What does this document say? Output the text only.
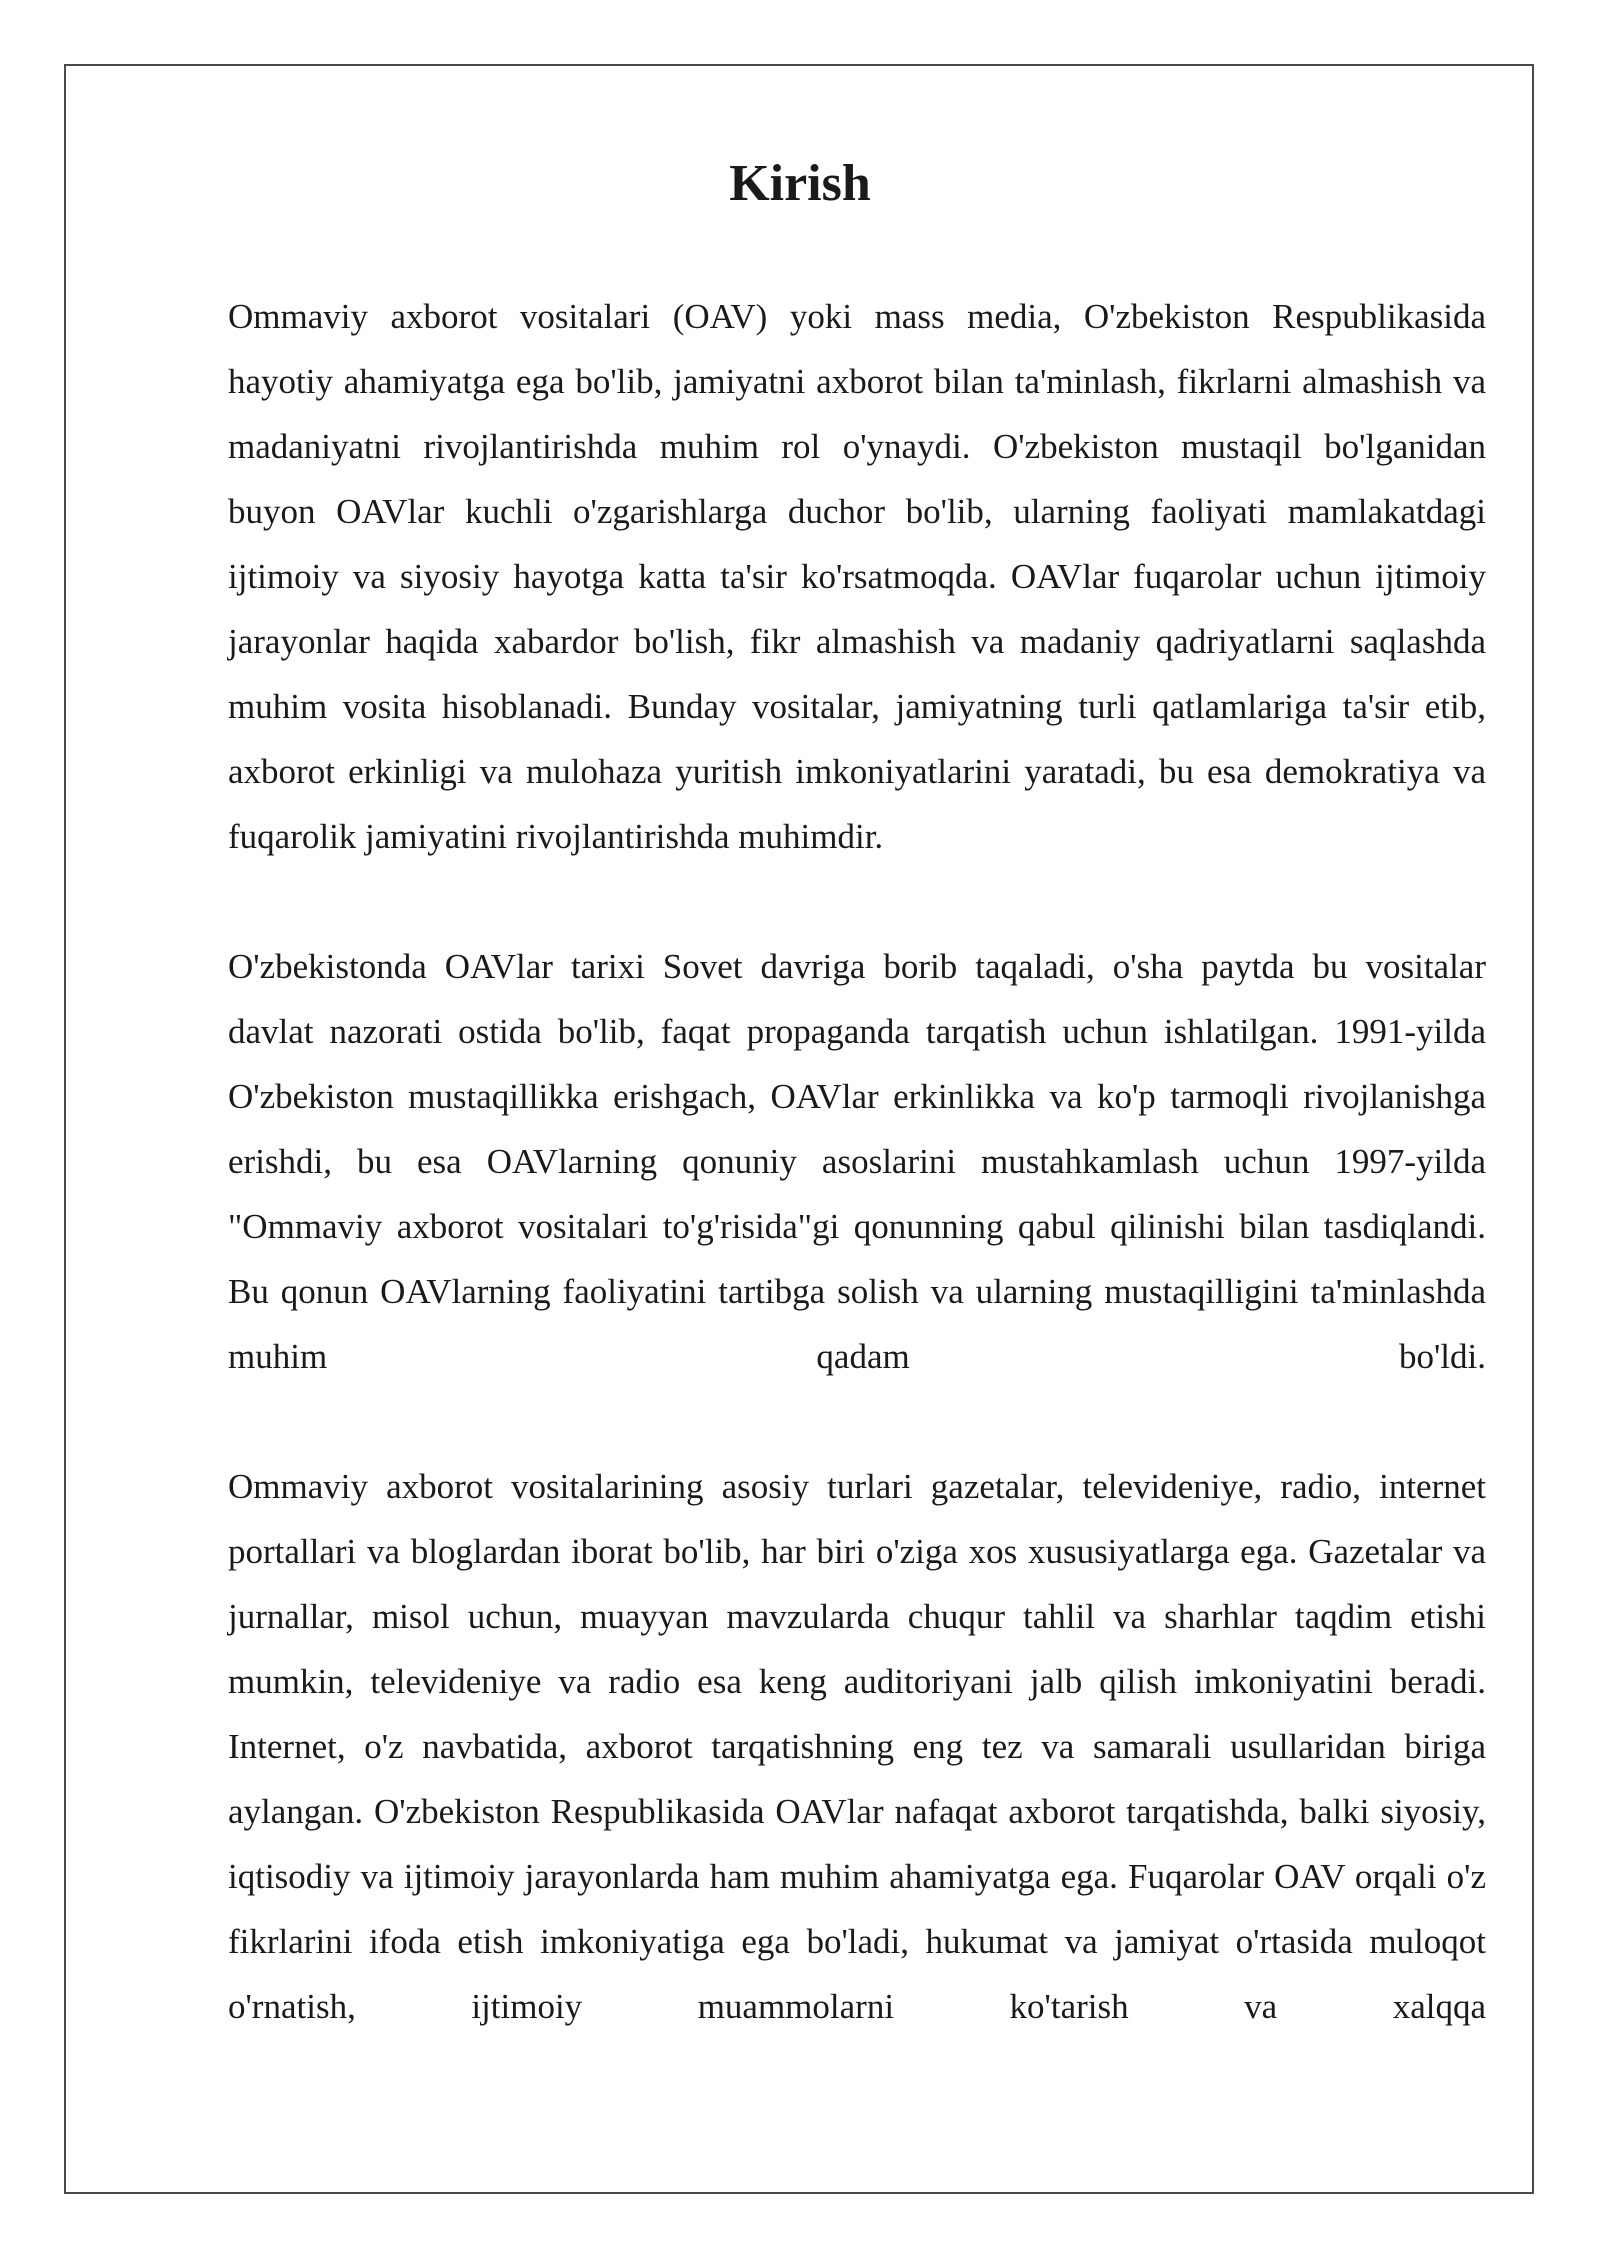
Kirish

Ommaviy axborot vositalari (OAV) yoki mass media, O'zbekiston Respublikasida hayotiy ahamiyatga ega bo'lib, jamiyatni axborot bilan ta'minlash, fikrlarni almashish va madaniyatni rivojlantirishda muhim rol o'ynaydi. O'zbekiston mustaqil bo'lganidan buyon OAVlar kuchli o'zgarishlarga duchor bo'lib, ularning faoliyati mamlakatdagi ijtimoiy va siyosiy hayotga katta ta'sir ko'rsatmoqda. OAVlar fuqarolar uchun ijtimoiy jarayonlar haqida xabardor bo'lish, fikr almashish va madaniy qadriyatlarni saqlashda muhim vosita hisoblanadi. Bunday vositalar, jamiyatning turli qatlamlariga ta'sir etib, axborot erkinligi va mulohaza yuritish imkoniyatlarini yaratadi, bu esa demokratiya va fuqarolik jamiyatini rivojlantirishda muhimdir.

O'zbekistonda OAVlar tarixi Sovet davriga borib taqaladi, o'sha paytda bu vositalar davlat nazorati ostida bo'lib, faqat propaganda tarqatish uchun ishlatilgan. 1991-yilda O'zbekiston mustaqillikka erishgach, OAVlar erkinlikka va ko'p tarmoqli rivojlanishga erishdi, bu esa OAVlarning qonuniy asoslarini mustahkamlash uchun 1997-yilda "Ommaviy axborot vositalari to'g'risida"gi qonunning qabul qilinishi bilan tasdiqlandi. Bu qonun OAVlarning faoliyatini tartibga solish va ularning mustaqilligini ta'minlashda muhim qadam bo'ldi.

Ommaviy axborot vositalarining asosiy turlari gazetalar, televideniye, radio, internet portallari va bloglardan iborat bo'lib, har biri o'ziga xos xususiyatlarga ega. Gazetalar va jurnallar, misol uchun, muayyan mavzularda chuqur tahlil va sharhlar taqdim etishi mumkin, televideniye va radio esa keng auditoriyani jalb qilish imkoniyatini beradi. Internet, o'z navbatida, axborot tarqatishning eng tez va samarali usullaridan biriga aylangan. O'zbekiston Respublikasida OAVlar nafaqat axborot tarqatishda, balki siyosiy, iqtisodiy va ijtimoiy jarayonlarda ham muhim ahamiyatga ega. Fuqarolar OAV orqali o'z fikrlarini ifoda etish imkoniyatiga ega bo'ladi, hukumat va jamiyat o'rtasida muloqot o'rnatish, ijtimoiy muammolarni ko'tarish va xalqqa
